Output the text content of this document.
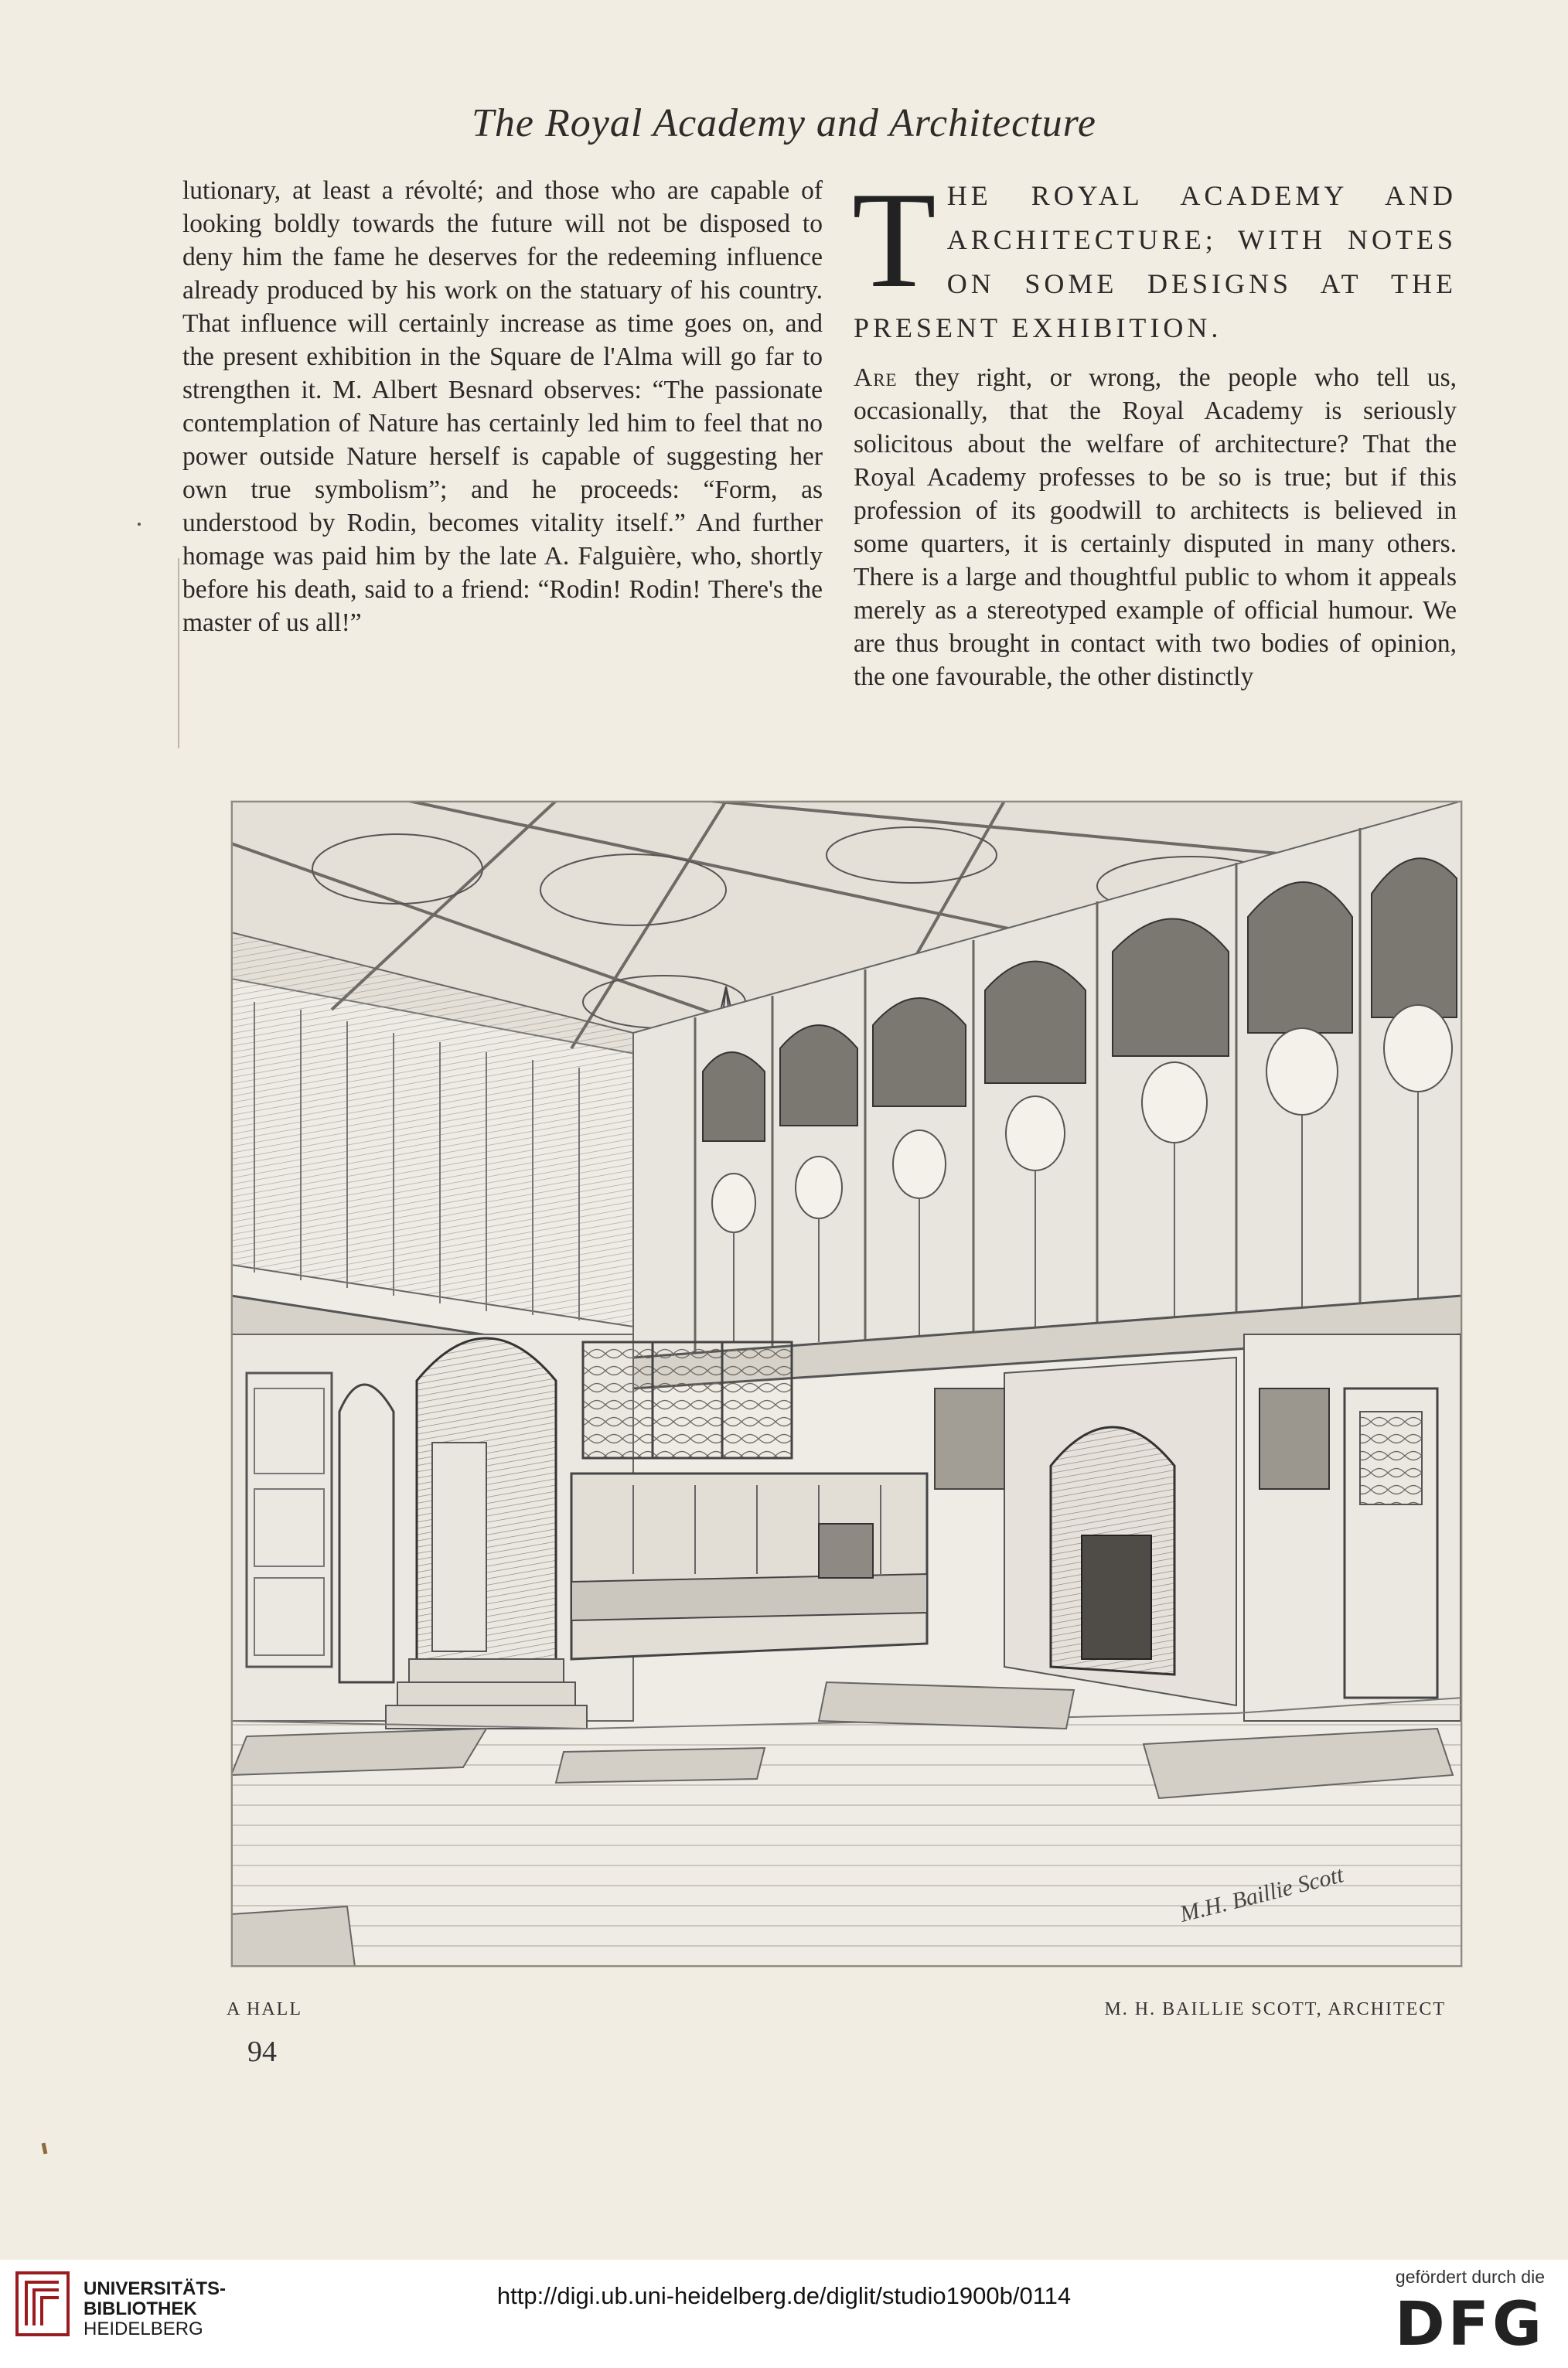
The Royal Academy and Architecture

lutionary, at least a révolté; and those who are capable of looking boldly towards the future will not be disposed to deny him the fame he deserves for the redeeming influence already produced by his work on the statuary of his country. That influence will certainly increase as time goes on, and the present exhibition in the Square de l'Alma will go far to strengthen it. M. Albert Besnard observes: “The passionate contemplation of Nature has certainly led him to feel that no power outside Nature herself is capable of suggesting her own true symbolism”; and he proceeds: “Form, as understood by Rodin, becomes vitality itself.” And further homage was paid him by the late A. Falguière, who, shortly before his death, said to a friend: “Rodin! Rodin! There's the master of us all!”

T HE ROYAL ACADEMY AND ARCHITECTURE; WITH NOTES ON SOME DESIGNS AT THE PRESENT EXHIBITION.

Are they right, or wrong, the people who tell us, occasionally, that the Royal Academy is seriously solicitous about the welfare of architecture? That the Royal Academy professes to be so is true; but if this profession of its goodwill to architects is believed in some quarters, it is certainly disputed in many others. There is a large and thoughtful public to whom it appeals merely as a stereotyped example of official humour. We are thus brought in contact with two bodies of opinion, the one favourable, the other distinctly

M.H. Baillie Scott
A HALL	M. H. BAILLIE SCOTT, ARCHITECT
94
UNIVERSITÄTS-
BIBLIOTHEK
HEIDELBERG
http://digi.ub.uni-heidelberg.de/diglit/studio1900b/0114
gefördert durch die
DFG
